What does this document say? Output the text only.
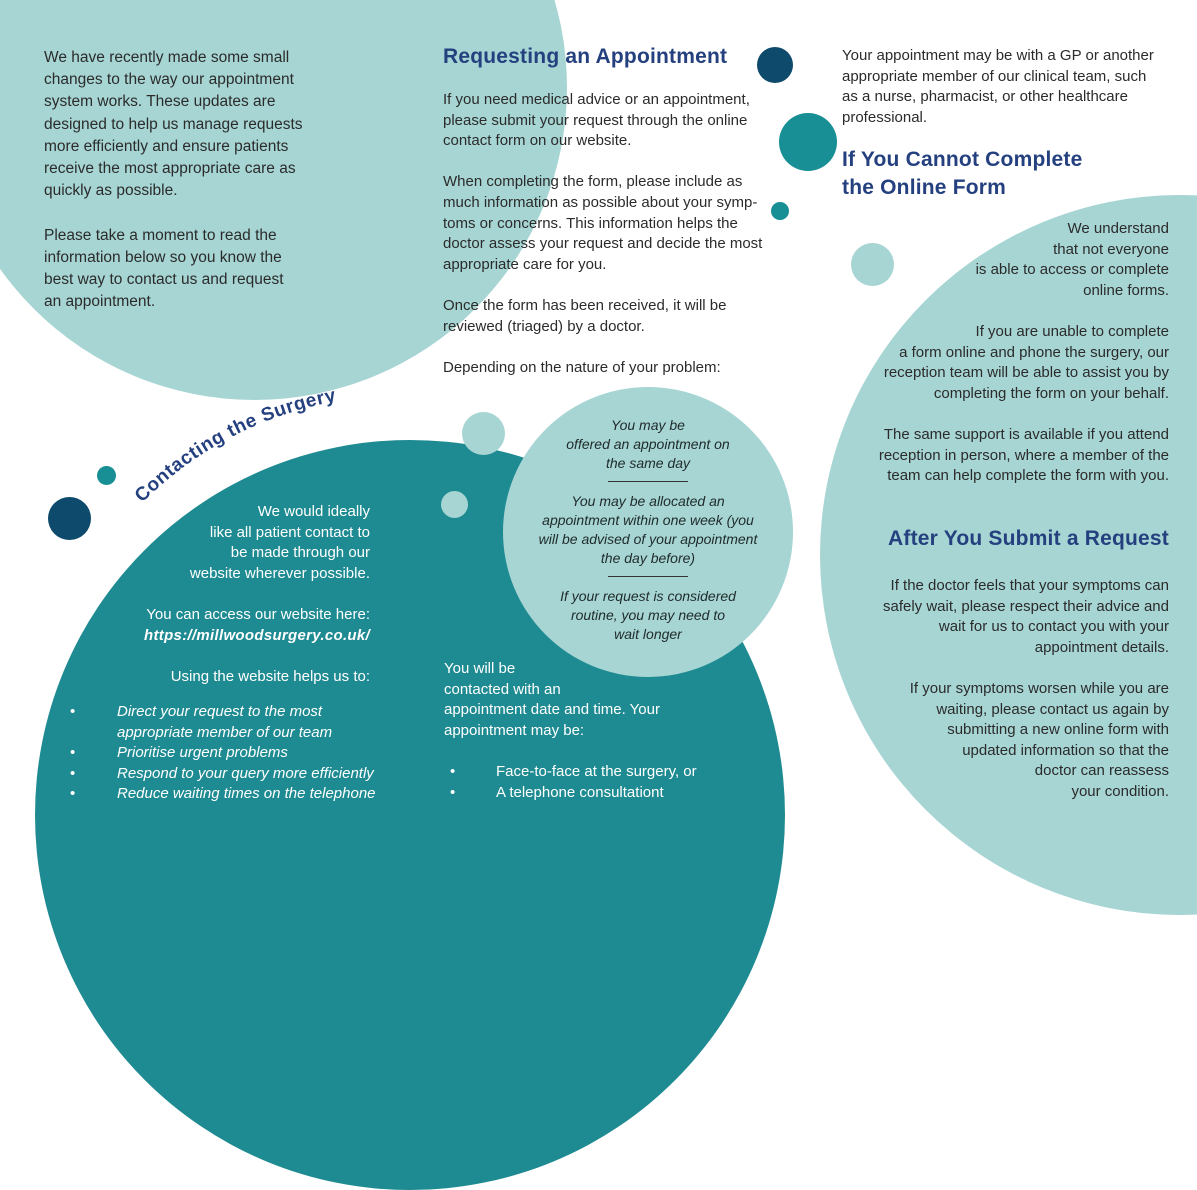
We have recently made some small

changes to the way our appointment

system works. These updates are

designed to help us manage requests

more efficiently and ensure patients

receive the most appropriate care as

quickly as possible.

Please take a moment to read the

information below so you know the

best way to contact us and request

an appointment.

Requesting an Appointment

If you need medical advice or an appointment,

please submit your request through the online

contact form on our website.

When completing the form, please include as

much information as possible about your symp-

toms or concerns. This information helps the

doctor assess your request and decide the most

appropriate care for you.

Once the form has been received, it will be

reviewed (triaged) by a doctor.

Depending on the nature of your problem:

You may be

offered an appointment on

the same day

You may be allocated an

appointment within one week (you

will be advised of your appointment

the day before)

If your request is considered

routine, you may need to

wait longer

You will be

contacted with an

appointment date and time. Your

appointment may be:

•	Face-to-face at the surgery, or
•	A telephone consultationt
Contacting the Surgery

We would ideally

like all patient contact to

be made through our

website wherever possible.

You can access our website here:

https://millwoodsurgery.co.uk/

Using the website helps us to:

•	Direct your request to the most
appropriate member of our team
•	Prioritise urgent problems
•	Respond to your query more efficiently
•	Reduce waiting times on the telephone

Your appointment may be with a GP or another

appropriate member of our clinical team, such

as a nurse, pharmacist, or other healthcare

professional.

If You Cannot Complete
the Online Form

We understand

that not everyone

is able to access or complete

online forms.

If you are unable to complete

a form online and phone the surgery, our

reception team will be able to assist you by

completing the form on your behalf.

The same support is available if you attend

reception in person, where a member of the

team can help complete the form with you.

After You Submit a Request

If the doctor feels that your symptoms can

safely wait, please respect their advice and

wait for us to contact you with your

appointment details.

If your symptoms worsen while you are

waiting, please contact us again by

submitting a new online form with

updated information so that the

doctor can reassess

your condition.
